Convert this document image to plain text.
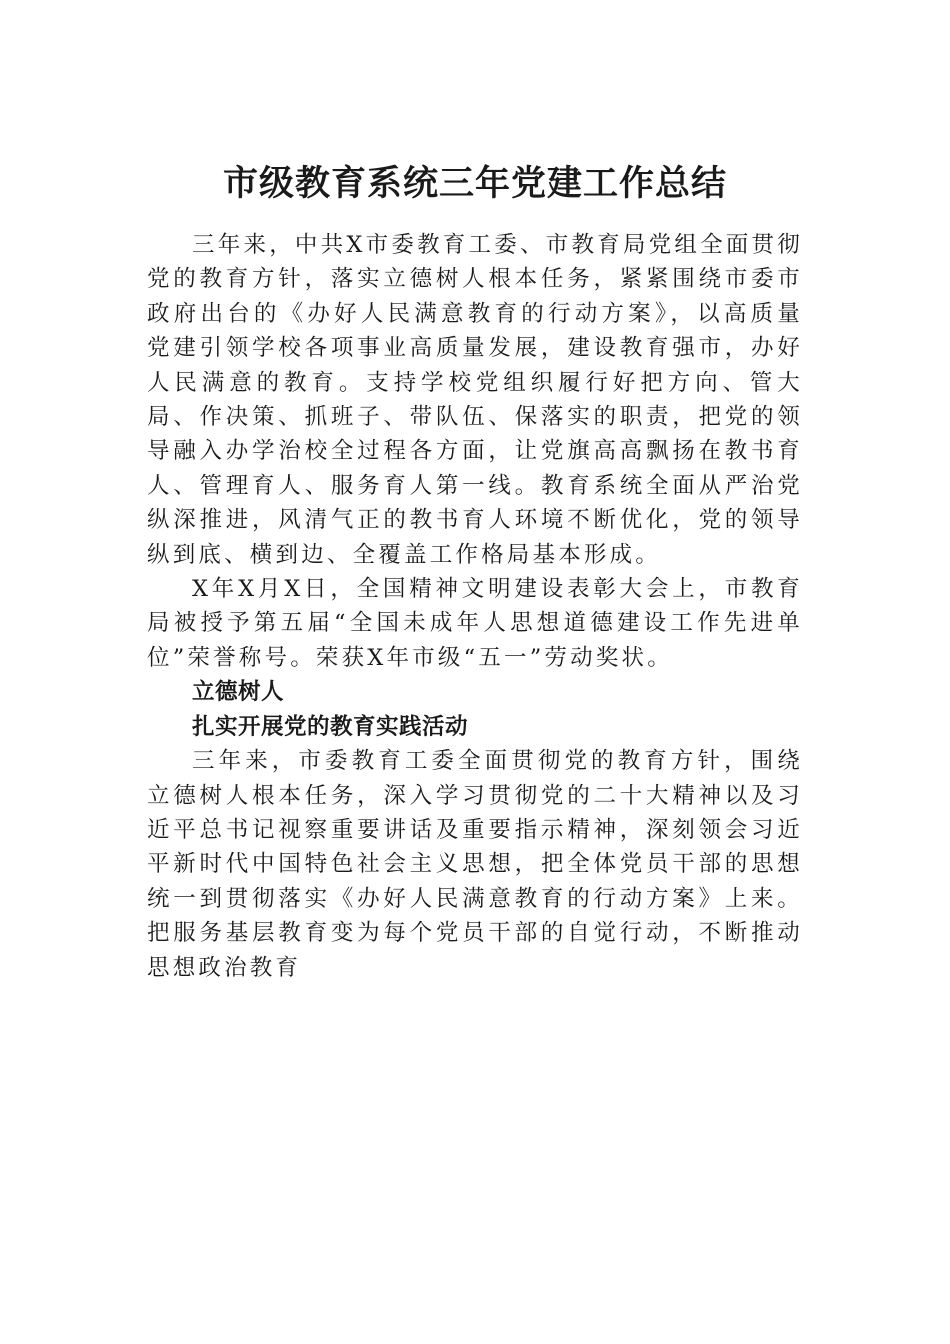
市级教育系统三年党建工作总结

三年来，中共X市委教育工委、市教育局党组全面贯彻党的教育方针，落实立德树人根本任务，紧紧围绕市委市政府出台的《办好人民满意教育的行动方案》，以高质量党建引领学校各项事业高质量发展，建设教育强市，办好人民满意的教育。支持学校党组织履行好把方向、管大局、作决策、抓班子、带队伍、保落实的职责，把党的领导融入办学治校全过程各方面，让党旗高高飘扬在教书育人、管理育人、服务育人第一线。教育系统全面从严治党纵深推进，风清气正的教书育人环境不断优化，党的领导纵到底、横到边、全覆盖工作格局基本形成。

X年X月X日，全国精神文明建设表彰大会上，市教育局被授予第五届“全国未成年人思想道德建设工作先进单位”荣誉称号。荣获X年市级“五一”劳动奖状。

立德树人

扎实开展党的教育实践活动

三年来，市委教育工委全面贯彻党的教育方针，围绕立德树人根本任务，深入学习贯彻党的二十大精神以及习近平总书记视察重要讲话及重要指示精神，深刻领会习近平新时代中国特色社会主义思想，把全体党员干部的思想统一到贯彻落实《办好人民满意教育的行动方案》上来。把服务基层教育变为每个党员干部的自觉行动，不断推动思想政治教育
